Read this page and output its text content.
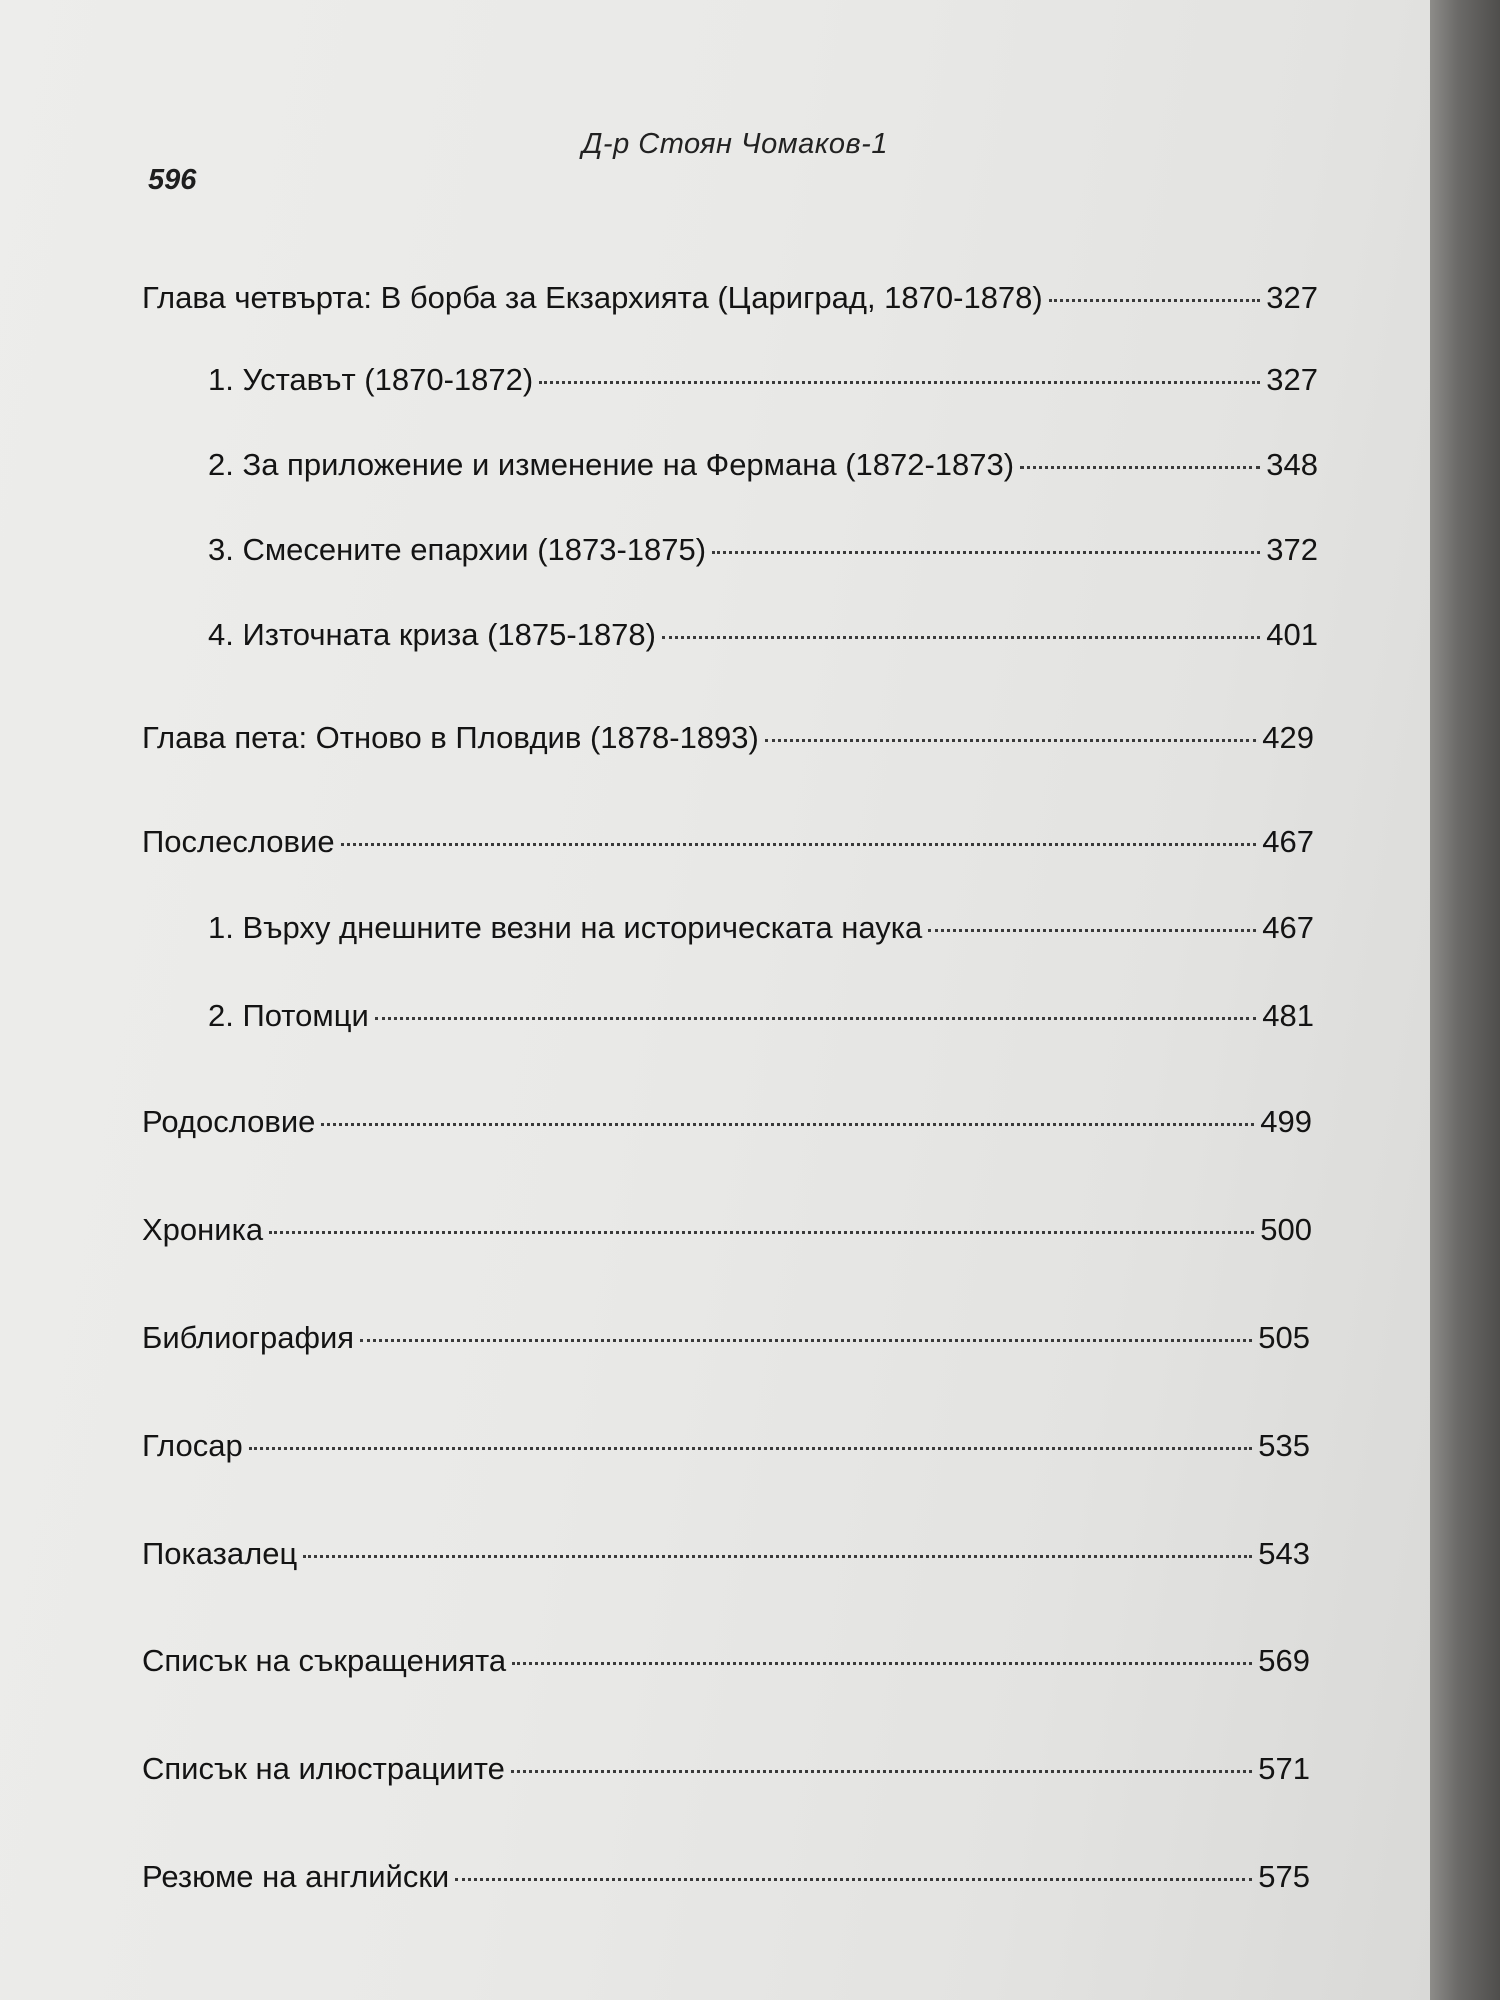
Д-р Стоян Чомаков-1
596
Глава четвърта: В борба за Екзархията (Цариград, 1870-1878)	327
1. Уставът (1870-1872)	327
2. За приложение и изменение на Фермана (1872-1873)	348
3. Смесените епархии (1873-1875)	372
4. Източната криза (1875-1878)	401
Глава пета: Отново в Пловдив (1878-1893)	429
Послесловие	467
1. Върху днешните везни на историческата наука	467
2. Потомци	481
Родословие	499
Хроника	500
Библиография	505
Глосар	535
Показалец	543
Списък на съкращенията	569
Списък на илюстрациите	571
Резюме на английски	575
